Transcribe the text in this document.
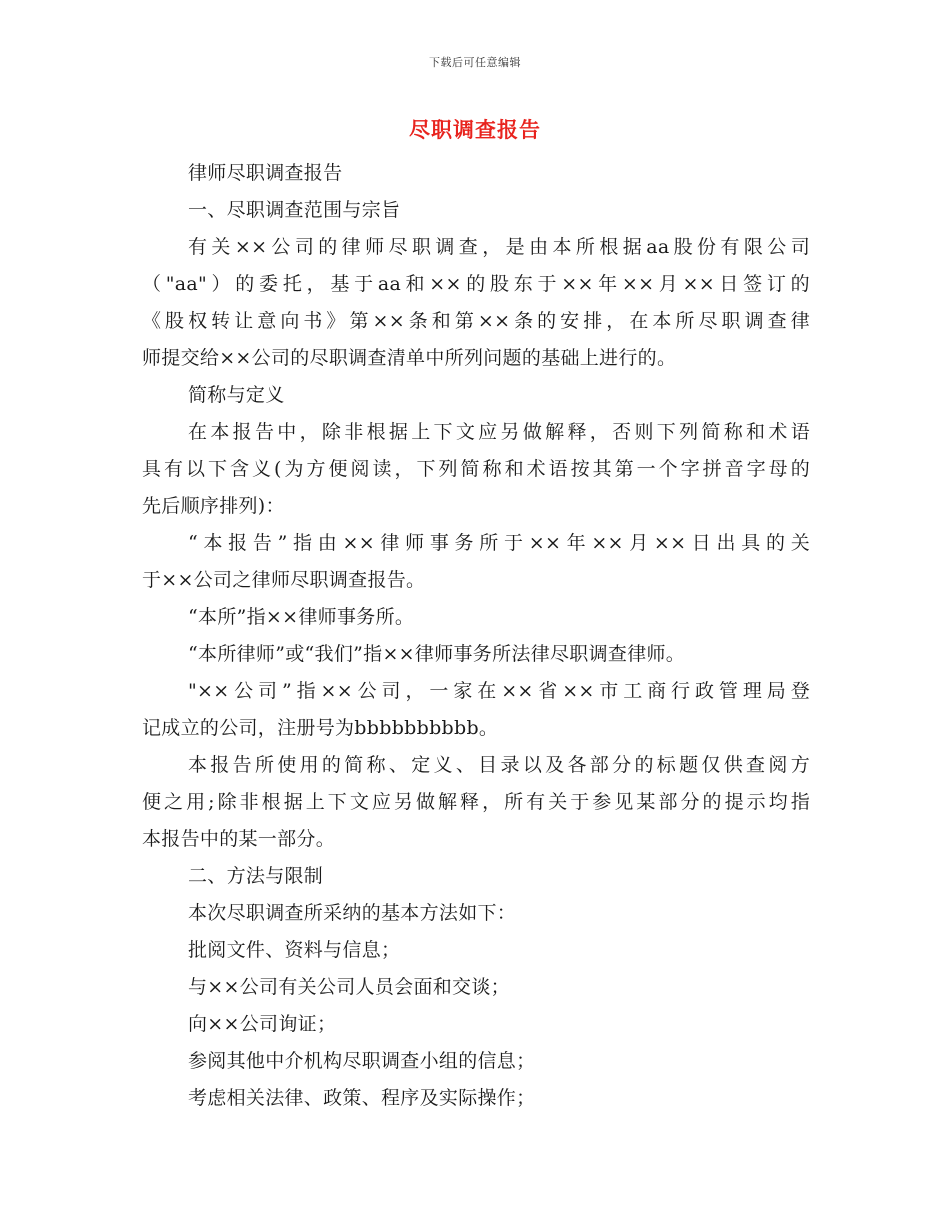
下载后可任意编辑
尽职调查报告
律师尽职调查报告
一、尽职调查范围与宗旨
有关××公司的律师尽职调查，是由本所根据aa股份有限公司
（"aa"）的委托，基于aa和××的股东于××年××月××日签订的
《股权转让意向书》第××条和第××条的安排，在本所尽职调查律
师提交给××公司的尽职调查清单中所列问题的基础上进行的。
简称与定义
在本报告中，除非根据上下文应另做解释，否则下列简称和术语
具有以下含义(为方便阅读，下列简称和术语按其第一个字拼音字母的
先后顺序排列)：
“本报告”指由××律师事务所于××年××月××日出具的关
于××公司之律师尽职调查报告。
“本所”指××律师事务所。
“本所律师”或“我们”指××律师事务所法律尽职调查律师。
"××公司”指××公司，一家在××省××市工商行政管理局登
记成立的公司，注册号为bbbbbbbbbb。
本报告所使用的简称、定义、目录以及各部分的标题仅供查阅方
便之用;除非根据上下文应另做解释，所有关于参见某部分的提示均指
本报告中的某一部分。
二、方法与限制
本次尽职调查所采纳的基本方法如下：
批阅文件、资料与信息；
与××公司有关公司人员会面和交谈；
向××公司询证；
参阅其他中介机构尽职调查小组的信息；
考虑相关法律、政策、程序及实际操作；
